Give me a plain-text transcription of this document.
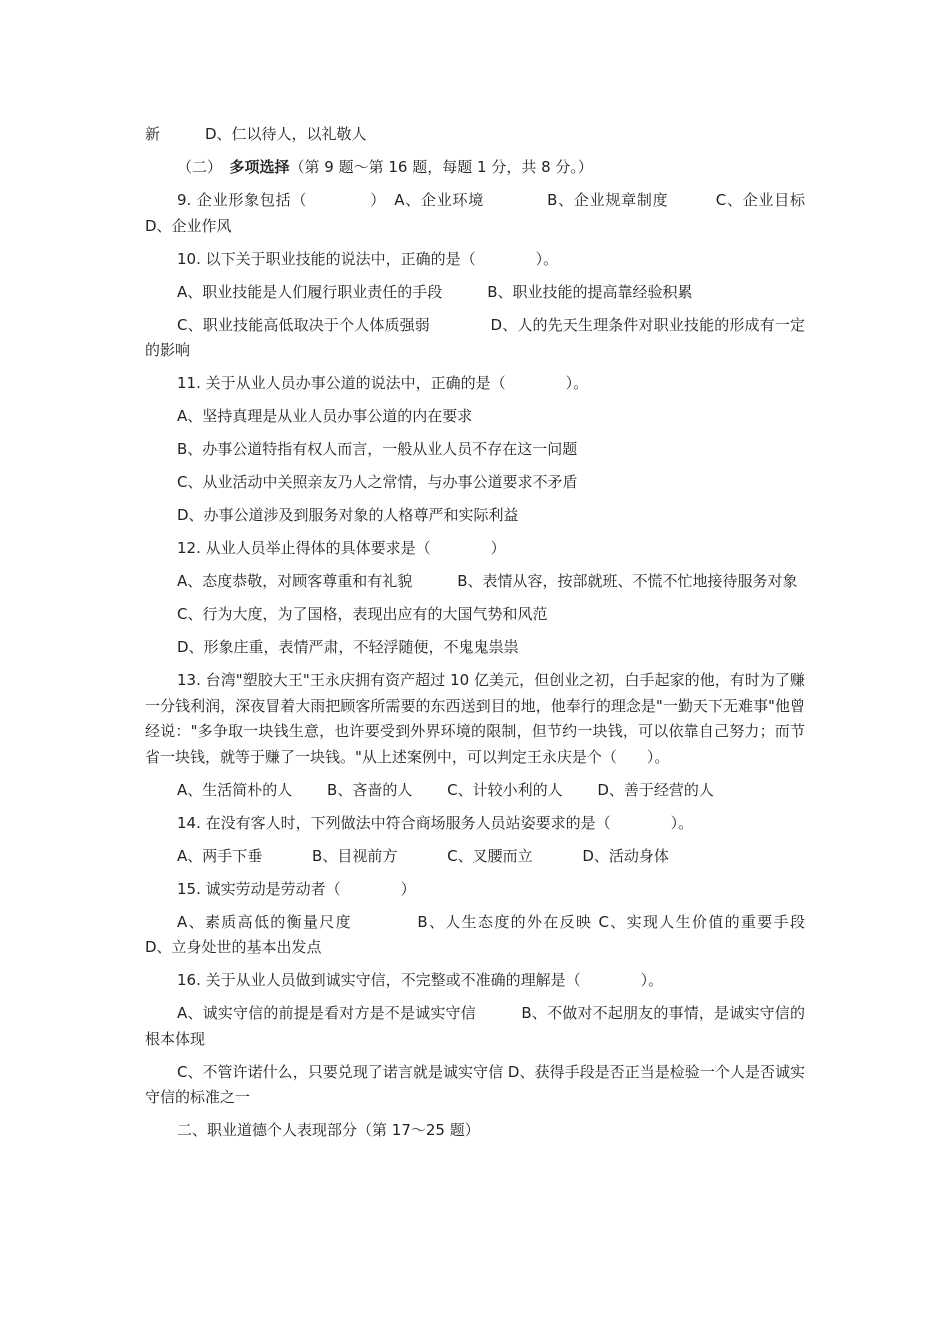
新　　　D、仁以待人，以礼敬人

（二）　多项选择（第 9 题～第 16 题，每题 1 分，共 8 分。）

9. 企业形象包括（　　　　）　A、企业环境　　　　B、企业规章制度　　　C、企业目标　　　D、企业作风

10. 以下关于职业技能的说法中，正确的是（　　　　）。

A、职业技能是人们履行职业责任的手段　　　B、职业技能的提高靠经验积累

C、职业技能高低取决于个人体质强弱　　　　D、人的先天生理条件对职业技能的形成有一定的影响

11. 关于从业人员办事公道的说法中，正确的是（　　　　）。

A、坚持真理是从业人员办事公道的内在要求

B、办事公道特指有权人而言，一般从业人员不存在这一问题

C、从业活动中关照亲友乃人之常情，与办事公道要求不矛盾

D、办事公道涉及到服务对象的人格尊严和实际利益

12. 从业人员举止得体的具体要求是（　　　　）

A、态度恭敬，对顾客尊重和有礼貌　　　B、表情从容，按部就班、不慌不忙地接待服务对象

C、行为大度，为了国格，表现出应有的大国气势和风范

D、形象庄重，表情严肃，不轻浮随便，不鬼鬼祟祟

13. 台湾"塑胶大王"王永庆拥有资产超过 10 亿美元，但创业之初，白手起家的他，有时为了赚一分钱利润，深夜冒着大雨把顾客所需要的东西送到目的地，他奉行的理念是"一勤天下无难事"他曾经说："多争取一块钱生意，也许要受到外界环境的限制，但节约一块钱，可以依靠自己努力；而节省一块钱，就等于赚了一块钱。"从上述案例中，可以判定王永庆是个（　　）。

A、生活简朴的人　　 B、吝啬的人　　 C、计较小利的人　　 D、善于经营的人

14. 在没有客人时，下列做法中符合商场服务人员站姿要求的是（　　　　）。

A、两手下垂　　　 B、目视前方　　　 C、叉腰而立　　　 D、活动身体

15. 诚实劳动是劳动者（　　　　）

A、素质高低的衡量尺度　　　　B、人生态度的外在反映 C、实现人生价值的重要手段　　　D、立身处世的基本出发点

16. 关于从业人员做到诚实守信，不完整或不准确的理解是（　　　　）。

A、诚实守信的前提是看对方是不是诚实守信　　　B、不做对不起朋友的事情，是诚实守信的根本体现

C、不管许诺什么，只要兑现了诺言就是诚实守信 D、获得手段是否正当是检验一个人是否诚实守信的标准之一

二、职业道德个人表现部分（第 17～25 题）
